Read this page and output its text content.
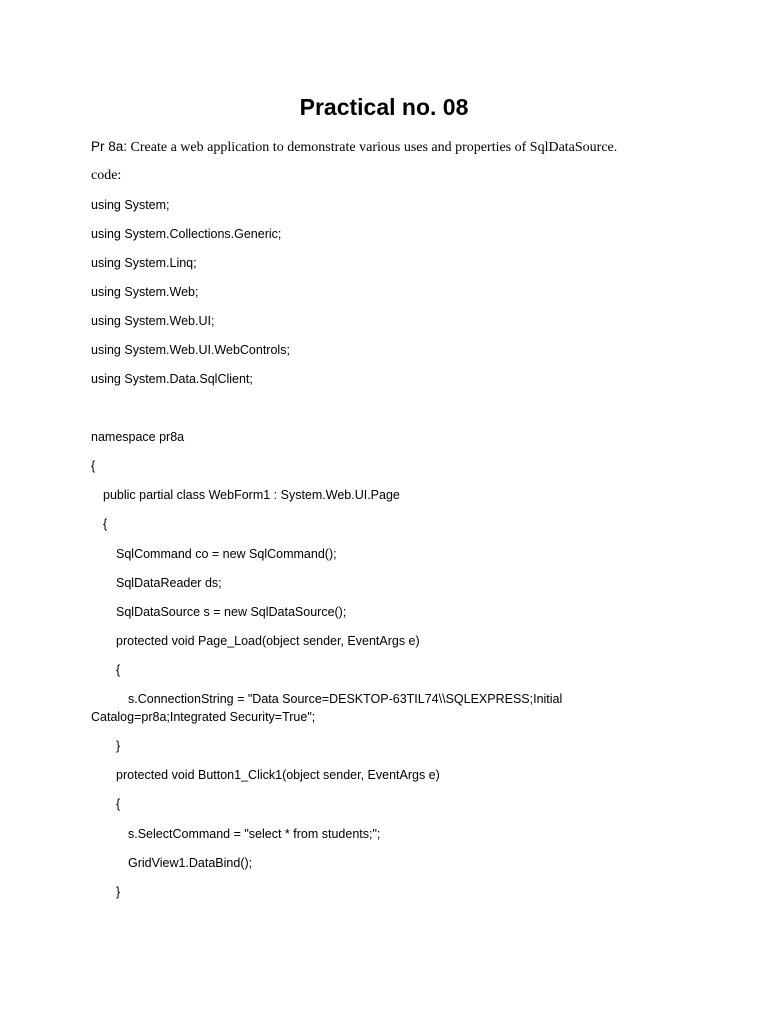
Practical no. 08
Pr 8a: Create a web application to demonstrate various uses and properties of SqlDataSource.
code:
using System;
using System.Collections.Generic;
using System.Linq;
using System.Web;
using System.Web.UI;
using System.Web.UI.WebControls;
using System.Data.SqlClient;
namespace pr8a
{
public partial class WebForm1 : System.Web.UI.Page
{
SqlCommand co = new SqlCommand();
SqlDataReader ds;
SqlDataSource s = new SqlDataSource();
protected void Page_Load(object sender, EventArgs e)
{
s.ConnectionString = "Data Source=DESKTOP-63TIL74\\SQLEXPRESS;Initial Catalog=pr8a;Integrated Security=True";
}
protected void Button1_Click1(object sender, EventArgs e)
{
s.SelectCommand = "select * from students;";
GridView1.DataBind();
}
